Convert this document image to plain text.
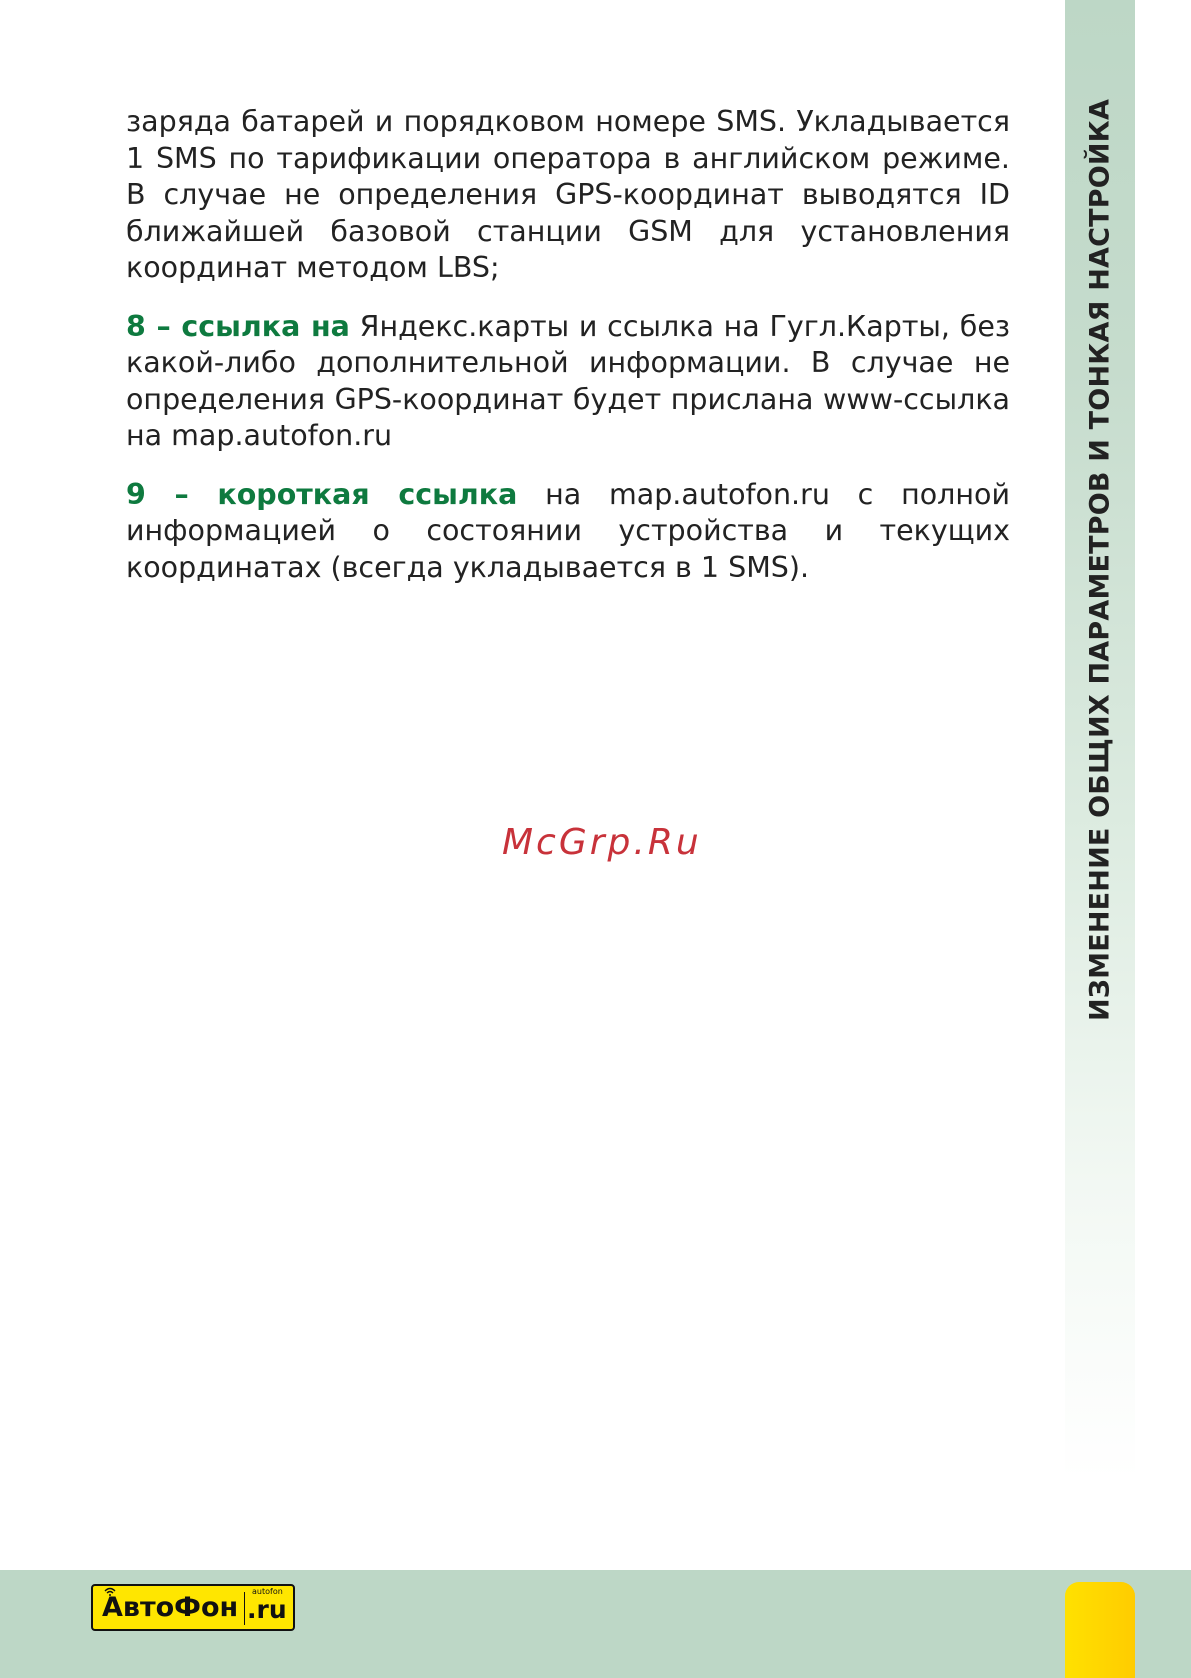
ИЗМЕНЕНИЕ ОБЩИХ ПАРАМЕТРОВ И ТОНКАЯ НАСТРОЙКА

заряда батарей и порядковом номере SMS. Укладывается 1 SMS по тарификации оператора в английском режиме. В случае не определения GPS-координат выводятся ID ближайшей базовой станции GSM для установления координат методом LBS;

8 – ссылка на Яндекс.карты и ссылка на Гугл.Карты, без какой-либо дополнительной информации. В случае не определения GPS-координат будет прислана www-ссылка на map.autofon.ru

9 – короткая ссылка на map.autofon.ru с полной информацией о состоянии устройства и текущих координатах (всегда укладывается в 1 SMS).

McGrp.Ru
АвтоФон
autofon
.ru
